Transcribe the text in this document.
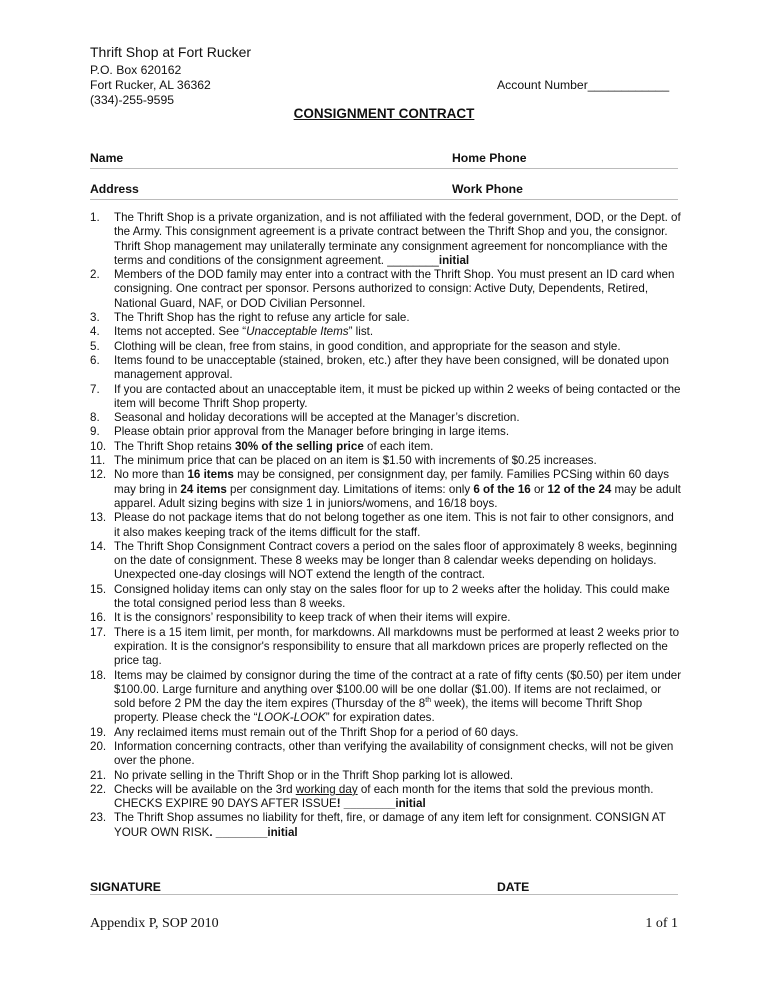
Thrift Shop at Fort Rucker
P.O. Box 620162
Fort Rucker, AL 36362
(334)-255-9595
Account Number____________
CONSIGNMENT CONTRACT
Name	Home Phone
Address	Work Phone
1. The Thrift Shop is a private organization, and is not affiliated with the federal government, DOD, or the Dept. of the Army. This consignment agreement is a private contract between the Thrift Shop and you, the consignor. Thrift Shop management may unilaterally terminate any consignment agreement for noncompliance with the terms and conditions of the consignment agreement. ________initial
2. Members of the DOD family may enter into a contract with the Thrift Shop. You must present an ID card when consigning. One contract per sponsor. Persons authorized to consign: Active Duty, Dependents, Retired, National Guard, NAF, or DOD Civilian Personnel.
3. The Thrift Shop has the right to refuse any article for sale.
4. Items not accepted. See “Unacceptable Items” list.
5. Clothing will be clean, free from stains, in good condition, and appropriate for the season and style.
6. Items found to be unacceptable (stained, broken, etc.) after they have been consigned, will be donated upon management approval.
7. If you are contacted about an unacceptable item, it must be picked up within 2 weeks of being contacted or the item will become Thrift Shop property.
8. Seasonal and holiday decorations will be accepted at the Manager’s discretion.
9. Please obtain prior approval from the Manager before bringing in large items.
10. The Thrift Shop retains 30% of the selling price of each item.
11. The minimum price that can be placed on an item is $1.50 with increments of $0.25 increases.
12. No more than 16 items may be consigned, per consignment day, per family. Families PCSing within 60 days may bring in 24 items per consignment day. Limitations of items: only 6 of the 16 or 12 of the 24 may be adult apparel. Adult sizing begins with size 1 in juniors/womens, and 16/18 boys.
13. Please do not package items that do not belong together as one item. This is not fair to other consignors, and it also makes keeping track of the items difficult for the staff.
14. The Thrift Shop Consignment Contract covers a period on the sales floor of approximately 8 weeks, beginning on the date of consignment. These 8 weeks may be longer than 8 calendar weeks depending on holidays. Unexpected one-day closings will NOT extend the length of the contract.
15. Consigned holiday items can only stay on the sales floor for up to 2 weeks after the holiday. This could make the total consigned period less than 8 weeks.
16. It is the consignors’ responsibility to keep track of when their items will expire.
17. There is a 15 item limit, per month, for markdowns. All markdowns must be performed at least 2 weeks prior to expiration. It is the consignor's responsibility to ensure that all markdown prices are properly reflected on the price tag.
18. Items may be claimed by consignor during the time of the contract at a rate of fifty cents ($0.50) per item under $100.00. Large furniture and anything over $100.00 will be one dollar ($1.00). If items are not reclaimed, or sold before 2 PM the day the item expires (Thursday of the 8th week), the items will become Thrift Shop property. Please check the “LOOK-LOOK” for expiration dates.
19. Any reclaimed items must remain out of the Thrift Shop for a period of 60 days.
20. Information concerning contracts, other than verifying the availability of consignment checks, will not be given over the phone.
21. No private selling in the Thrift Shop or in the Thrift Shop parking lot is allowed.
22. Checks will be available on the 3rd working day of each month for the items that sold the previous month. CHECKS EXPIRE 90 DAYS AFTER ISSUE! ________initial
23. The Thrift Shop assumes no liability for theft, fire, or damage of any item left for consignment. CONSIGN AT YOUR OWN RISK. ________initial
SIGNATURE	DATE
Appendix P, SOP 2010	1 of 1
